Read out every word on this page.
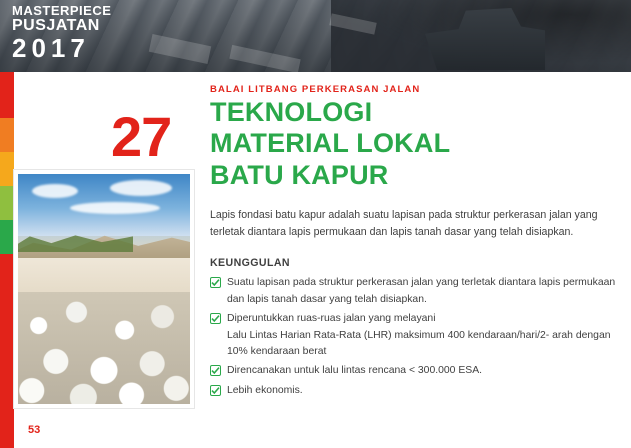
MASTERPIECE
PUSJATAN
2017
BALAI LITBANG PERKERASAN JALAN
27 TEKNOLOGI
MATERIAL LOKAL
BATU KAPUR
Lapis fondasi batu kapur adalah suatu lapisan pada struktur perkerasan jalan yang terletak diantara lapis permukaan dan lapis tanah dasar yang telah disiapkan.
KEUNGGULAN
Suatu lapisan pada struktur perkerasan jalan yang terletak diantara lapis permukaan dan lapis tanah dasar yang telah disiapkan.
Diperuntukkan ruas-ruas jalan yang melayani
Lalu Lintas Harian Rata-Rata (LHR) maksimum 400 kendaraan/hari/2- arah dengan 10% kendaraan berat
Direncanakan untuk lalu lintas rencana < 300.000 ESA.
Lebih ekonomis.
53
